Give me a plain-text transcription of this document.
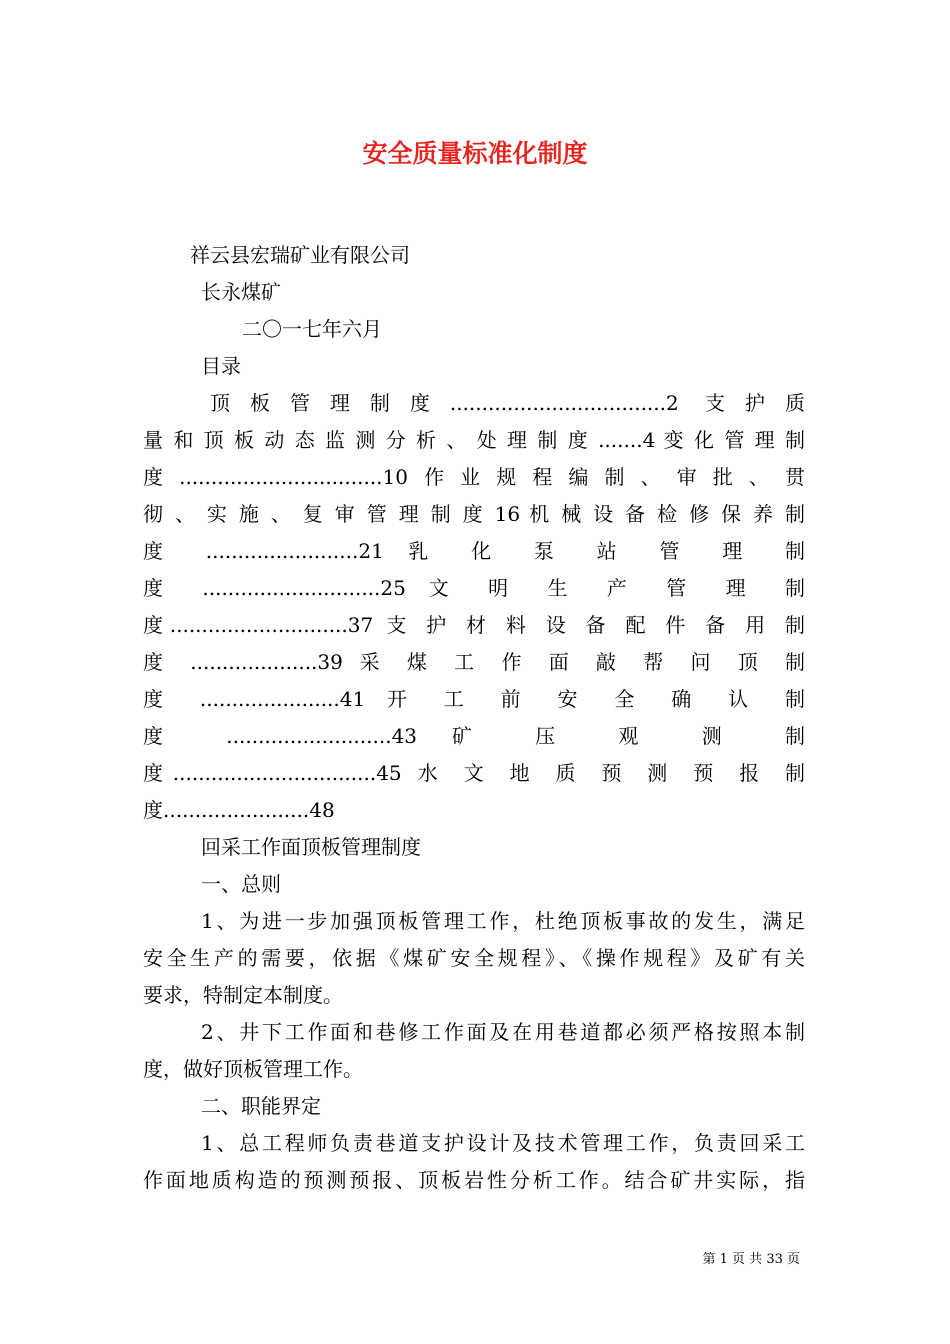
安全质量标准化制度
祥云县宏瑞矿业有限公司
长永煤矿
二〇一七年六月
目录
顶板管理制度..................................2 支护质
量 和 顶 板 动 态 监 测 分 析 、 处 理 制 度 .......4 变 化 管 理 制
度................................10作业规程编制、审批、贯
彻 、 实 施 、 复 审 管 理 制 度 16 机 械 设 备 检 修 保 养 制
度 ........................21 乳 化 泵 站 管 理 制
度 ............................25 文 明 生 产 管 理 制
度............................37 支 护 材 料 设 备 配 件 备 用 制
度 ....................39 采 煤 工 作 面 敲 帮 问 顶 制
度 ......................41 开 工 前 安 全 确 认 制
度 ..........................43 矿 压 观 测 制
度................................45 水 文 地 质 预 测 预 报 制
度.......................48
回采工作面顶板管理制度
一、总则
1、为进一步加强顶板管理工作，杜绝顶板事故的发生，满足
安全生产的需要，依据《煤矿安全规程》、《操作规程》及矿有关
要求，特制定本制度。
2、井下工作面和巷修工作面及在用巷道都必须严格按照本制
度，做好顶板管理工作。
二、职能界定
1、总工程师负责巷道支护设计及技术管理工作，负责回采工
作面地质构造的预测预报、顶板岩性分析工作。结合矿井实际，指
第 1 页 共 33 页
